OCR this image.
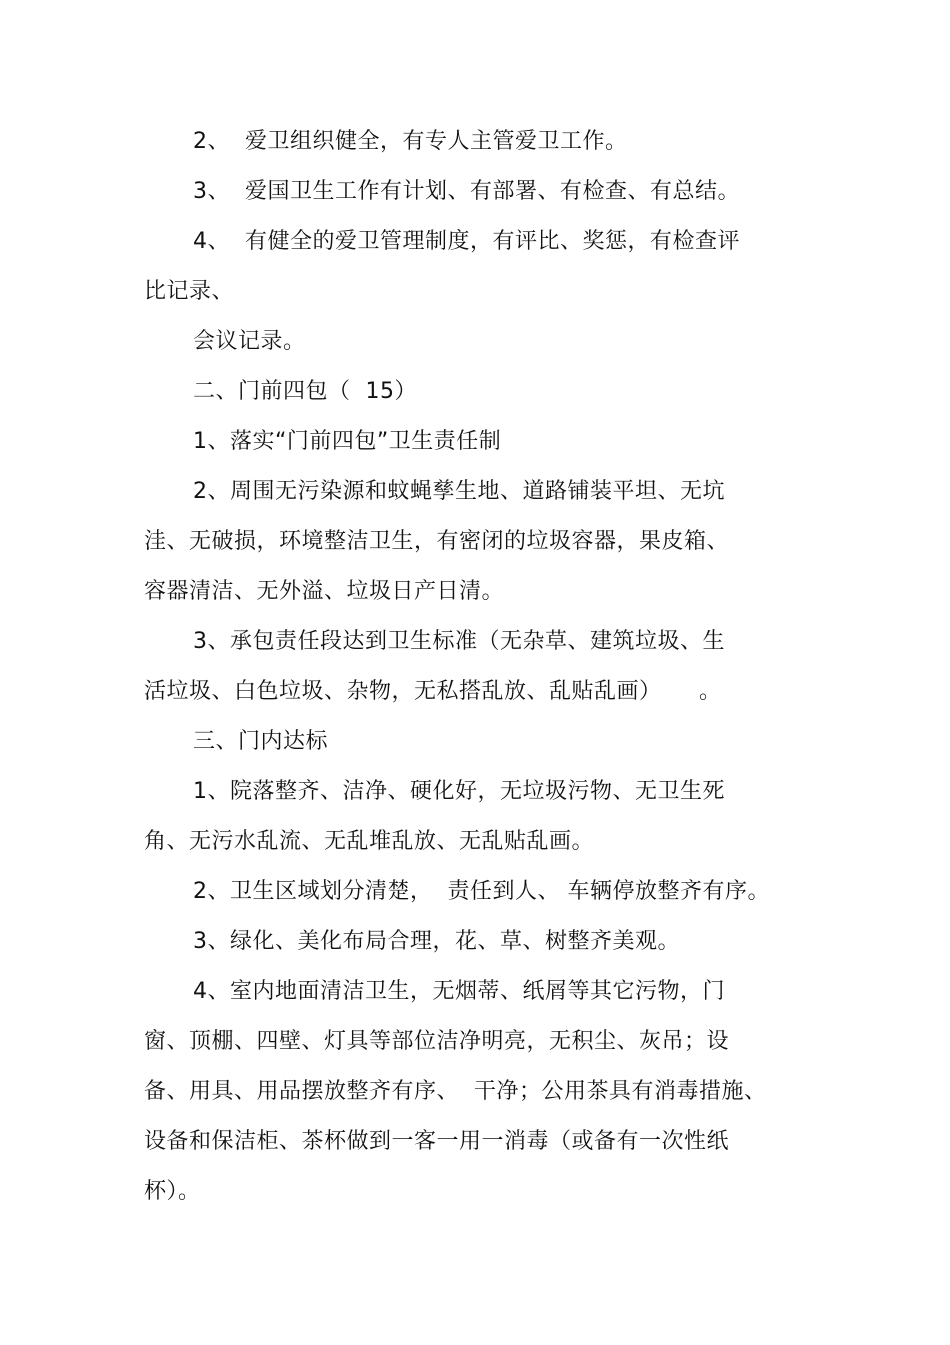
2、  爱卫组织健全，有专人主管爱卫工作。
3、  爱国卫生工作有计划、有部署、有检查、有总结。
4、  有健全的爱卫管理制度，有评比、奖惩，有检查评
比记录、
会议记录。
二、门前四包（  15）
1、落实“门前四包”卫生责任制
2、周围无污染源和蚊蝇孳生地、道路铺装平坦、无坑
洼、无破损，环境整洁卫生，有密闭的垃圾容器，果皮箱、
容器清洁、无外溢、垃圾日产日清。
3、承包责任段达到卫生标准（无杂草、建筑垃圾、生
活垃圾、白色垃圾、杂物，无私搭乱放、乱贴乱画）     。
三、门内达标
1、院落整齐、洁净、硬化好，无垃圾污物、无卫生死
角、无污水乱流、无乱堆乱放、无乱贴乱画。
2、卫生区域划分清楚，  责任到人、 车辆停放整齐有序。
3、绿化、美化布局合理，花、草、树整齐美观。
4、室内地面清洁卫生，无烟蒂、纸屑等其它污物，门
窗、顶棚、四壁、灯具等部位洁净明亮，无积尘、灰吊；设
备、用具、用品摆放整齐有序、  干净；公用茶具有消毒措施、
设备和保洁柜、茶杯做到一客一用一消毒（或备有一次性纸
杯）。
